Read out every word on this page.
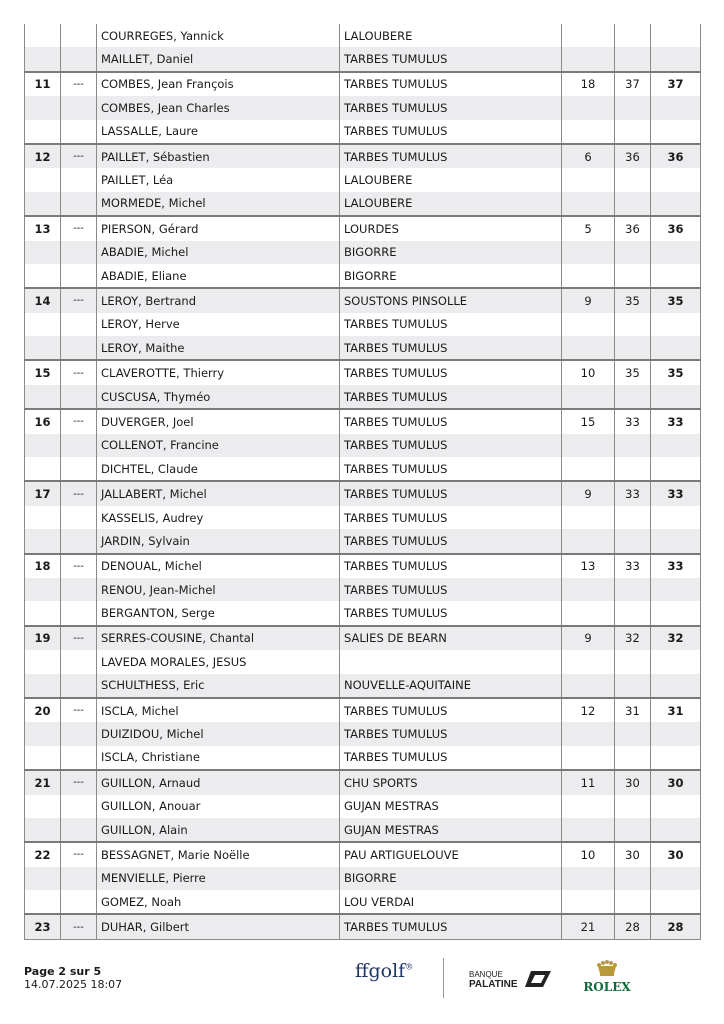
		COURREGES, Yannick	LALOUBERE			
		MAILLET, Daniel	TARBES TUMULUS			
11	---	COMBES, Jean François	TARBES TUMULUS	18	37	37
		COMBES, Jean Charles	TARBES TUMULUS			
		LASSALLE, Laure	TARBES TUMULUS			
12	---	PAILLET, Sébastien	TARBES TUMULUS	6	36	36
		PAILLET, Léa	LALOUBERE			
		MORMEDE, Michel	LALOUBERE			
13	---	PIERSON, Gérard	LOURDES	5	36	36
		ABADIE, Michel	BIGORRE			
		ABADIE, Eliane	BIGORRE			
14	---	LEROY, Bertrand	SOUSTONS PINSOLLE	9	35	35
		LEROY, Herve	TARBES TUMULUS			
		LEROY, Maithe	TARBES TUMULUS			
15	---	CLAVEROTTE, Thierry	TARBES TUMULUS	10	35	35
		CUSCUSA, Thyméo	TARBES TUMULUS			
16	---	DUVERGER, Joel	TARBES TUMULUS	15	33	33
		COLLENOT, Francine	TARBES TUMULUS			
		DICHTEL, Claude	TARBES TUMULUS			
17	---	JALLABERT, Michel	TARBES TUMULUS	9	33	33
		KASSELIS, Audrey	TARBES TUMULUS			
		JARDIN, Sylvain	TARBES TUMULUS			
18	---	DENOUAL, Michel	TARBES TUMULUS	13	33	33
		RENOU, Jean-Michel	TARBES TUMULUS			
		BERGANTON, Serge	TARBES TUMULUS			
19	---	SERRES-COUSINE, Chantal	SALIES DE BEARN	9	32	32
		LAVEDA MORALES, JESUS				
		SCHULTHESS, Eric	NOUVELLE-AQUITAINE			
20	---	ISCLA, Michel	TARBES TUMULUS	12	31	31
		DUIZIDOU, Michel	TARBES TUMULUS			
		ISCLA, Christiane	TARBES TUMULUS			
21	---	GUILLON, Arnaud	CHU SPORTS	11	30	30
		GUILLON, Anouar	GUJAN MESTRAS			
		GUILLON, Alain	GUJAN MESTRAS			
22	---	BESSAGNET, Marie Noëlle	PAU ARTIGUELOUVE	10	30	30
		MENVIELLE, Pierre	BIGORRE			
		GOMEZ, Noah	LOU VERDAI			
23	---	DUHAR, Gilbert	TARBES TUMULUS	21	28	28
Page 2 sur 5
14.07.2025 18:07
ffgolf®
BANQUE
PALATINE	ROLEX
